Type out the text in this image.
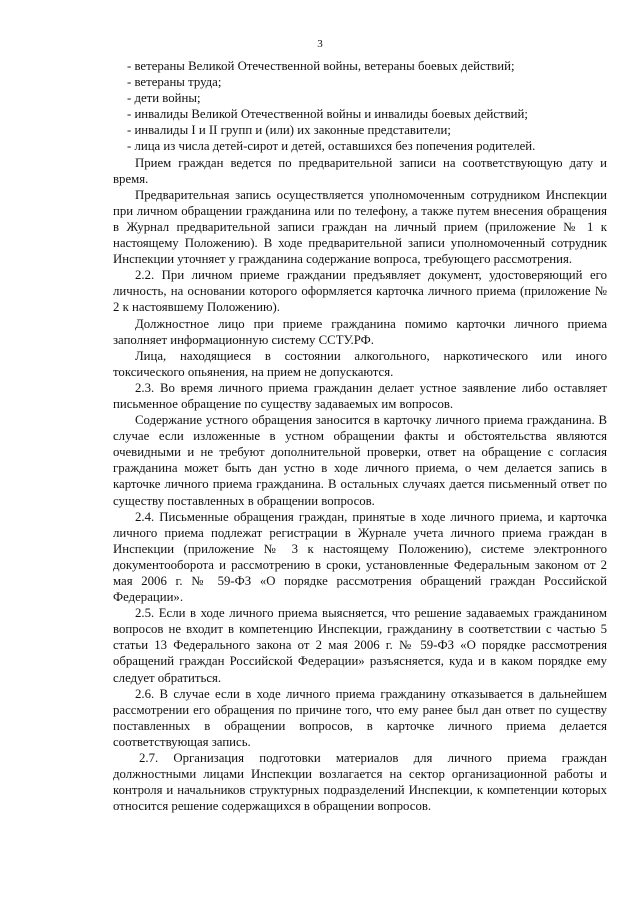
3

- ветераны Великой Отечественной войны, ветераны боевых действий;

- ветераны труда;

- дети войны;

- инвалиды Великой Отечественной войны и инвалиды боевых действий;

- инвалиды I и II групп и (или) их законные представители;

- лица из числа детей-сирот и детей, оставшихся без попечения родителей.

Прием граждан ведется по предварительной записи на соответствующую дату и время.

Предварительная запись осуществляется уполномоченным сотрудником Инспекции при личном обращении гражданина или по телефону, а также путем внесения обращения в Журнал предварительной записи граждан на личный прием (приложение № 1 к настоящему Положению). В ходе предварительной записи уполномоченный сотрудник Инспекции уточняет у гражданина содержание вопроса, требующего рассмотрения.

2.2. При личном приеме граждании предъявляет документ, удостоверяющий его личность, на основании которого оформляется карточка личного приема (приложение № 2 к настоявшему Положению).

Должностное лицо при приеме гражданина помимо карточки личного приема заполняет информационную систему ССТУ.РФ.

Лица, находящиеся в состоянии алкогольного, наркотического или иного токсического опьянения, на прием не допускаются.

2.3. Во время личного приема гражданин делает устное заявление либо оставляет письменное обращение по существу задаваемых им вопросов.

Содержание устного обращения заносится в карточку личного приема гражданина. В случае если изложенные в устном обращении факты и обстоятельства являются очевидными и не требуют дополнительной проверки, ответ на обращение с согласия гражданина может быть дан устно в ходе личного приема, о чем делается запись в карточке личного приема гражданина. В остальных случаях дается письменный ответ по существу поставленных в обращении вопросов.

2.4. Письменные обращения граждан, принятые в ходе личного приема, и карточка личного приема подлежат регистрации в Журнале учета личного приема граждан в Инспекции (приложение № 3 к настоящему Положению), системе электронного документооборота и рассмотрению в сроки, установленные Федеральным законом от 2 мая 2006 г. № 59-ФЗ «О порядке рассмотрения обращений граждан Российской Федерации».

2.5. Если в ходе личного приема выясняется, что решение задаваемых гражданином вопросов не входит в компетенцию Инспекции, гражданину в соответствии с частью 5 статьи 13 Федерального закона от 2 мая 2006 г. № 59-ФЗ «О порядке рассмотрения обращений граждан Российской Федерации» разъясняется, куда и в каком порядке ему следует обратиться.

2.6. В случае если в ходе личного приема гражданину отказывается в дальнейшем рассмотрении его обращения по причине того, что ему ранее был дан ответ по существу поставленных в обращении вопросов, в карточке личного приема делается соответствующая запись.

2.7. Организация подготовки материалов для личного приема граждан должностными лицами Инспекции возлагается на сектор организационной работы и контроля и начальников структурных подразделений Инспекции, к компетенции которых относится решение содержащихся в обращении вопросов.
